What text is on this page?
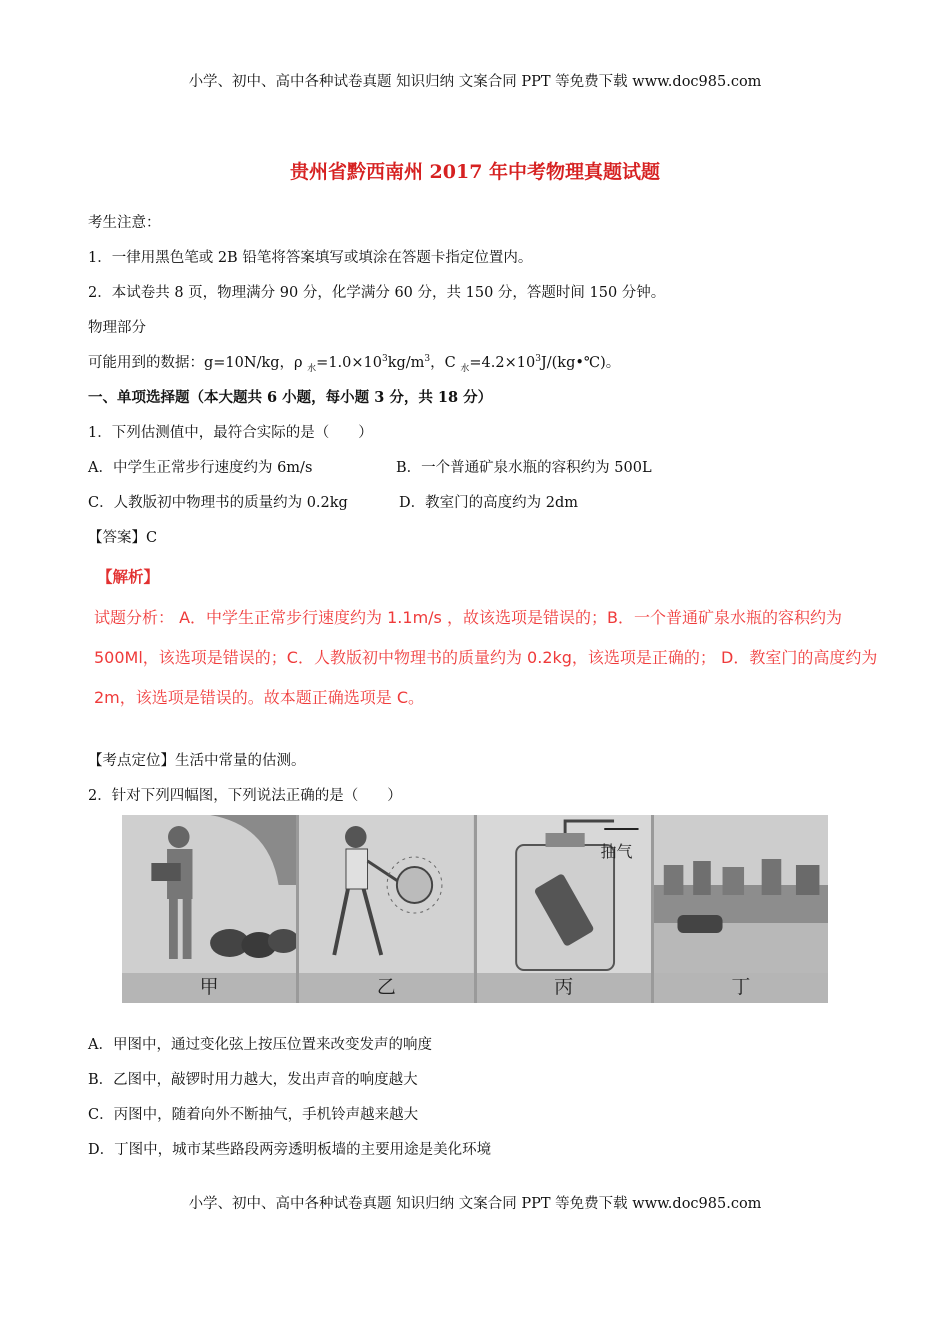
小学、初中、高中各种试卷真题 知识归纳 文案合同 PPT 等免费下载 www.doc985.com
贵州省黔西南州 2017 年中考物理真题试题
考生注意：
1．一律用黑色笔或 2B 铅笔将答案填写或填涂在答题卡指定位置内。
2．本试卷共 8 页，物理满分 90 分，化学满分 60 分，共 150 分，答题时间 150 分钟。
物理部分
可能用到的数据：g=10N/kg，ρ $_水=1.0\times 10^3kg/m^3$，C $_水=4.2\times 10^3J/(kg•℃)$。
一、单项选择题（本大题共 6 小题，每小题 3 分，共 18 分）
1．下列估测值中，最符合实际的是（　　）
A．中学生正常步行速度约为 6m/s	B．一个普通矿泉水瓶的容积约为 500L
C．人教版初中物理书的质量约为 0.2kg	D．教室门的高度约为 2dm
【答案】C
【解析】
试题分析： A．中学生正常步行速度约为 1.1m/s ，故该选项是错误的；B．一个普通矿泉水瓶的容积约为 500Ml，该选项是错误的；C．人教版初中物理书的质量约为 0.2kg，该选项是正确的； D．教室门的高度约为 2m，该选项是错误的。故本题正确选项是 C。
【考点定位】生活中常量的估测。
2．针对下列四幅图，下列说法正确的是（　　）
甲	乙
抽气
丙	丁
A．甲图中，通过变化弦上按压位置来改变发声的响度
B．乙图中，敲锣时用力越大，发出声音的响度越大
C．丙图中，随着向外不断抽气，手机铃声越来越大
D．丁图中，城市某些路段两旁透明板墙的主要用途是美化环境
小学、初中、高中各种试卷真题 知识归纳 文案合同 PPT 等免费下载 www.doc985.com
